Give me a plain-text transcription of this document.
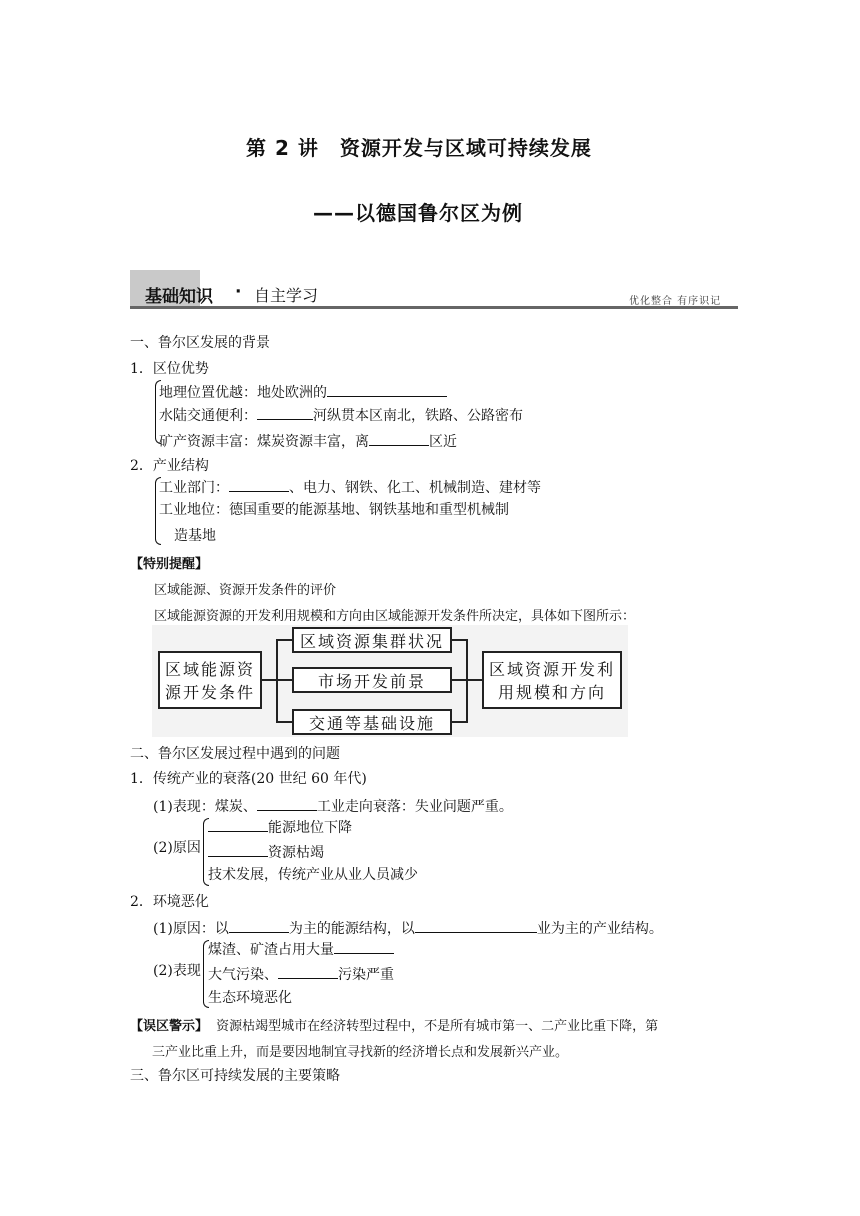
第 2 讲　资源开发与区域可持续发展
——以德国鲁尔区为例
基础知识 · 自主学习	优化整合 有序识记
一、鲁尔区发展的背景
1．区位优势
地理位置优越：地处欧洲的
水陆交通便利：	河纵贯本区南北，铁路、公路密布
矿产资源丰富：煤炭资源丰富，离	区近
2．产业结构
工业部门：	、电力、钢铁、化工、机械制造、建材等
工业地位：德国重要的能源基地、钢铁基地和重型机械制
造基地
【特别提醒】
区域能源、资源开发条件的评价
区域能源资源的开发利用规模和方向由区域能源开发条件所决定，具体如下图所示：
区域能源资源开发条件
区域资源集群状况
市场开发前景
交通等基础设施
区域资源开发利用规模和方向
二、鲁尔区发展过程中遇到的问题
1．传统产业的衰落(20 世纪 60 年代)
(1)表现：煤炭、	工业走向衰落：失业问题严重。
(2)原因
能源地位下降
资源枯竭
技术发展，传统产业从业人员减少
2．环境恶化
(1)原因：以	为主的能源结构，以	业为主的产业结构。
(2)表现
煤渣、矿渣占用大量
大气污染、	污染严重
生态环境恶化
【误区警示】 资源枯竭型城市在经济转型过程中，不是所有城市第一、二产业比重下降，第
三产业比重上升，而是要因地制宜寻找新的经济增长点和发展新兴产业。
三、鲁尔区可持续发展的主要策略
